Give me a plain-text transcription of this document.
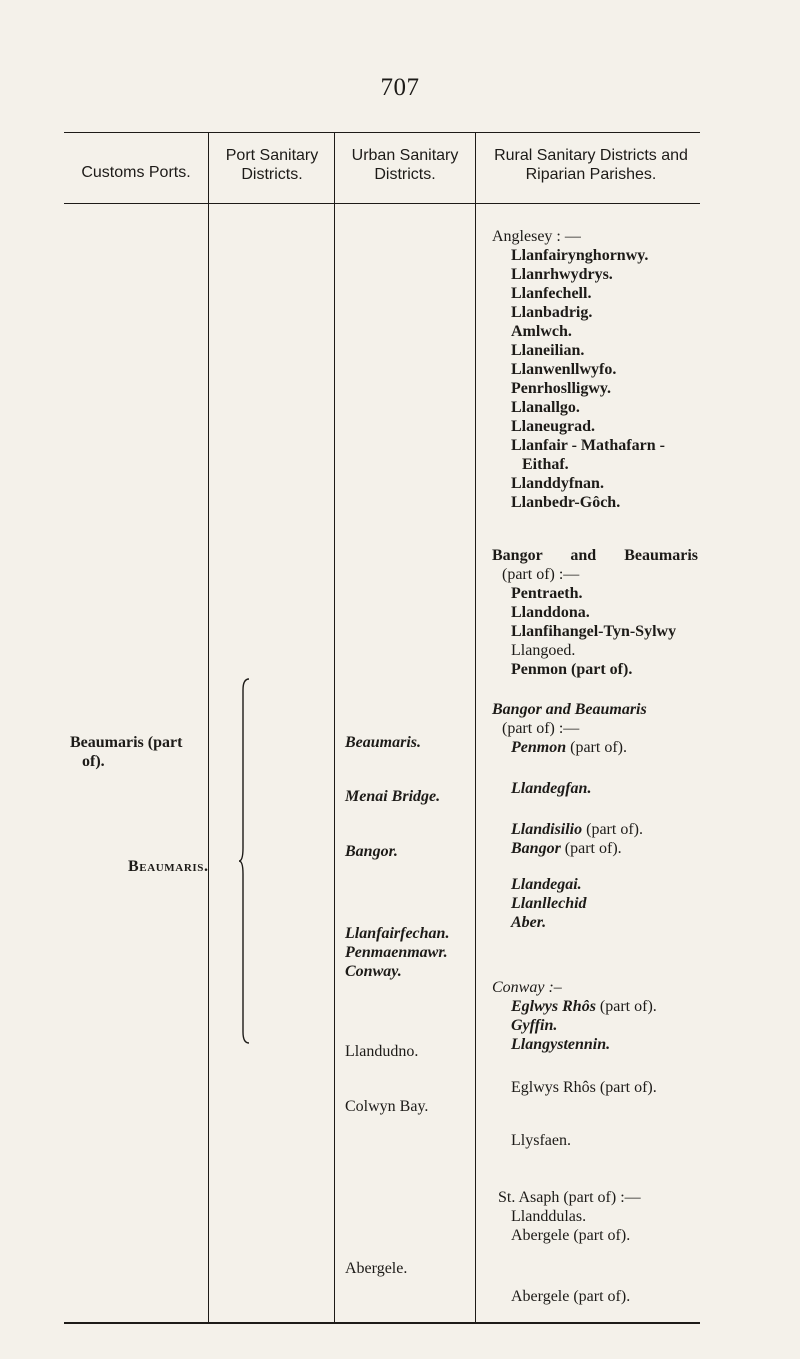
707
Customs Ports.
Port Sanitary Districts.
Urban Sanitary Districts.
Rural Sanitary Districts and Riparian Parishes.
Beaumaris (part
of).
Beaumaris.
Beaumaris.
Menai Bridge.
Bangor.
Llanfairfechan.
Penmaenmawr.
Conway.
Llandudno.
Colwyn Bay.
Abergele.
Anglesey : —
Llanfairynghornwy.
Llanrhwydrys.
Llanfechell.
Llanbadrig.
Amlwch.
Llaneilian.
Llanwenllwyfo.
Penrhoslligwy.
Llanallgo.
Llaneugrad.
Llanfair - Mathafarn -
Eithaf.
Llanddyfnan.
Llanbedr-Gôch.
Bangor and Beaumaris
(part of) :—
Pentraeth.
Llanddona.
Llanfihangel-Tyn-Sylwy
Llangoed.
Penmon (part of).
Bangor and Beaumaris
(part of) :—
Penmon (part of).
Llandegfan.
Llandisilio (part of).
Bangor (part of).
Llandegai.
Llanllechid
Aber.
Conway :–
Eglwys Rhôs (part of).
Gyffin.
Llangystennin.
Eglwys Rhôs (part of).
Llysfaen.
St. Asaph (part of) :—
Llanddulas.
Abergele (part of).
Abergele (part of).
